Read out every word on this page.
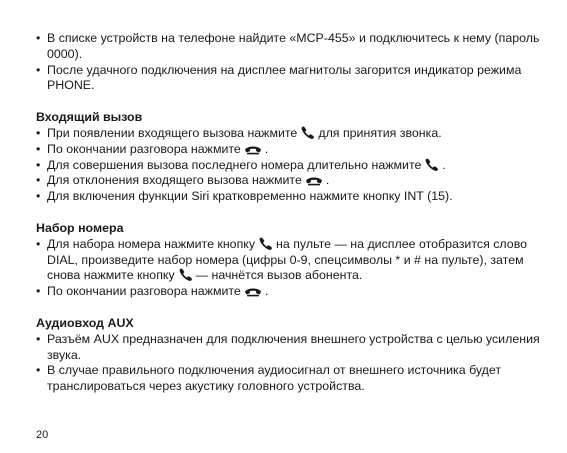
• В списке устройств на телефоне найдите «MCP-455» и подключитесь к нему (пароль 0000).

• После удачного подключения на дисплее магнитолы загорится индикатор режима PHONE.

Входящий вызов

• При появлении входящего вызова нажмите для принятия звонка.

• По окончании разговора нажмите .

• Для совершения вызова последнего номера длительно нажмите .

• Для отклонения входящего вызова нажмите .

• Для включения функции Siri кратковременно нажмите кнопку INT (15).

Набор номера

• Для набора номера нажмите кнопку на пульте — на дисплее отобразится слово DIAL, произведите набор номера (цифры 0-9, спецсимволы * и # на пульте), затем снова нажмите кнопку — начнётся вызов абонента.

• По окончании разговора нажмите .

Аудиовход AUX

• Разъём AUX предназначен для подключения внешнего устройства с целью усиления звука.

• В случае правильного подключения аудиосигнал от внешнего источника будет транслироваться через акустику головного устройства.

20
